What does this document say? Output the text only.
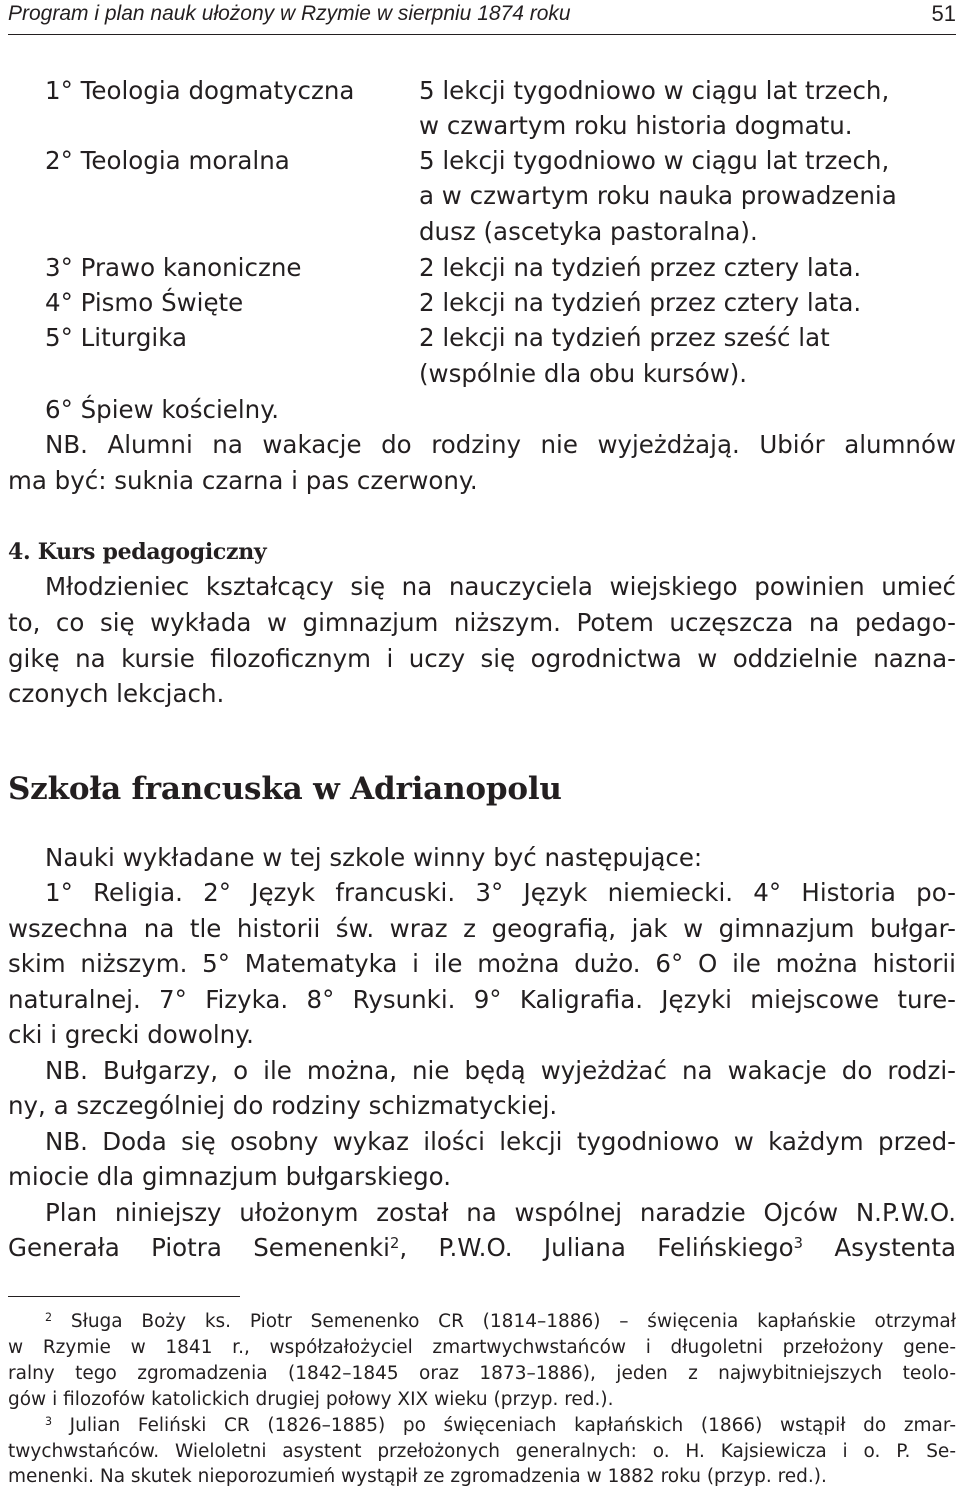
Program i plan nauk ułożony w Rzymie w sierpniu 1874 roku	51
1° Teologia dogmatyczna	5 lekcji tygodniowo w ciągu lat trzech,
w czwartym roku historia dogmatu.
2° Teologia moralna	5 lekcji tygodniowo w ciągu lat trzech,
a w czwartym roku nauka prowadzenia
dusz (ascetyka pastoralna).
3° Prawo kanoniczne	2 lekcji na tydzień przez cztery lata.
4° Pismo Święte	2 lekcji na tydzień przez cztery lata.
5° Liturgika	2 lekcji na tydzień przez sześć lat
(wspólnie dla obu kursów).
6° Śpiew kościelny.
NB. Alumni na wakacje do rodziny nie wyjeżdżają. Ubiór alumnów
ma być: suknia czarna i pas czerwony.
4. Kurs pedagogiczny
Młodzieniec kształcący się na nauczyciela wiejskiego powinien umieć
to, co się wykłada w gimnazjum niższym. Potem uczęszcza na pedago-
gikę na kursie filozoficznym i uczy się ogrodnictwa w oddzielnie nazna-
czonych lekcjach.
Szkoła francuska w Adrianopolu
Nauki wykładane w tej szkole winny być następujące:
1° Religia. 2° Język francuski. 3° Język niemiecki. 4° Historia po-
wszechna na tle historii św. wraz z geografią, jak w gimnazjum bułgar-
skim niższym. 5° Matematyka i ile można dużo. 6° O ile można historii
naturalnej. 7° Fizyka. 8° Rysunki. 9° Kaligrafia. Języki miejscowe ture-
cki i grecki dowolny.
NB. Bułgarzy, o ile można, nie będą wyjeżdżać na wakacje do rodzi-
ny, a szczególniej do rodziny schizmatyckiej.
NB. Doda się osobny wykaz ilości lekcji tygodniowo w każdym przed-
miocie dla gimnazjum bułgarskiego.
Plan niniejszy ułożonym został na wspólnej naradzie Ojców N.P.W.O.
Generała Piotra Semenenki$^2$, P.W.O. Juliana Felińskiego$^3$ Asystenta
$^2$ Sługa Boży ks. Piotr Semenenko CR (1814–1886) – święcenia kapłańskie otrzymał
w Rzymie w 1841 r., współzałożyciel zmartwychwstańców i długoletni przełożony gene-
ralny tego zgromadzenia (1842–1845 oraz 1873–1886), jeden z najwybitniejszych teolo-
gów i filozofów katolickich drugiej połowy XIX wieku (przyp. red.).
$^3$ Julian Feliński CR (1826–1885) po święceniach kapłańskich (1866) wstąpił do zmar-
twychwstańców. Wieloletni asystent przełożonych generalnych: o. H. Kajsiewicza i o. P. Se-
menenki. Na skutek nieporozumień wystąpił ze zgromadzenia w 1882 roku (przyp. red.).
